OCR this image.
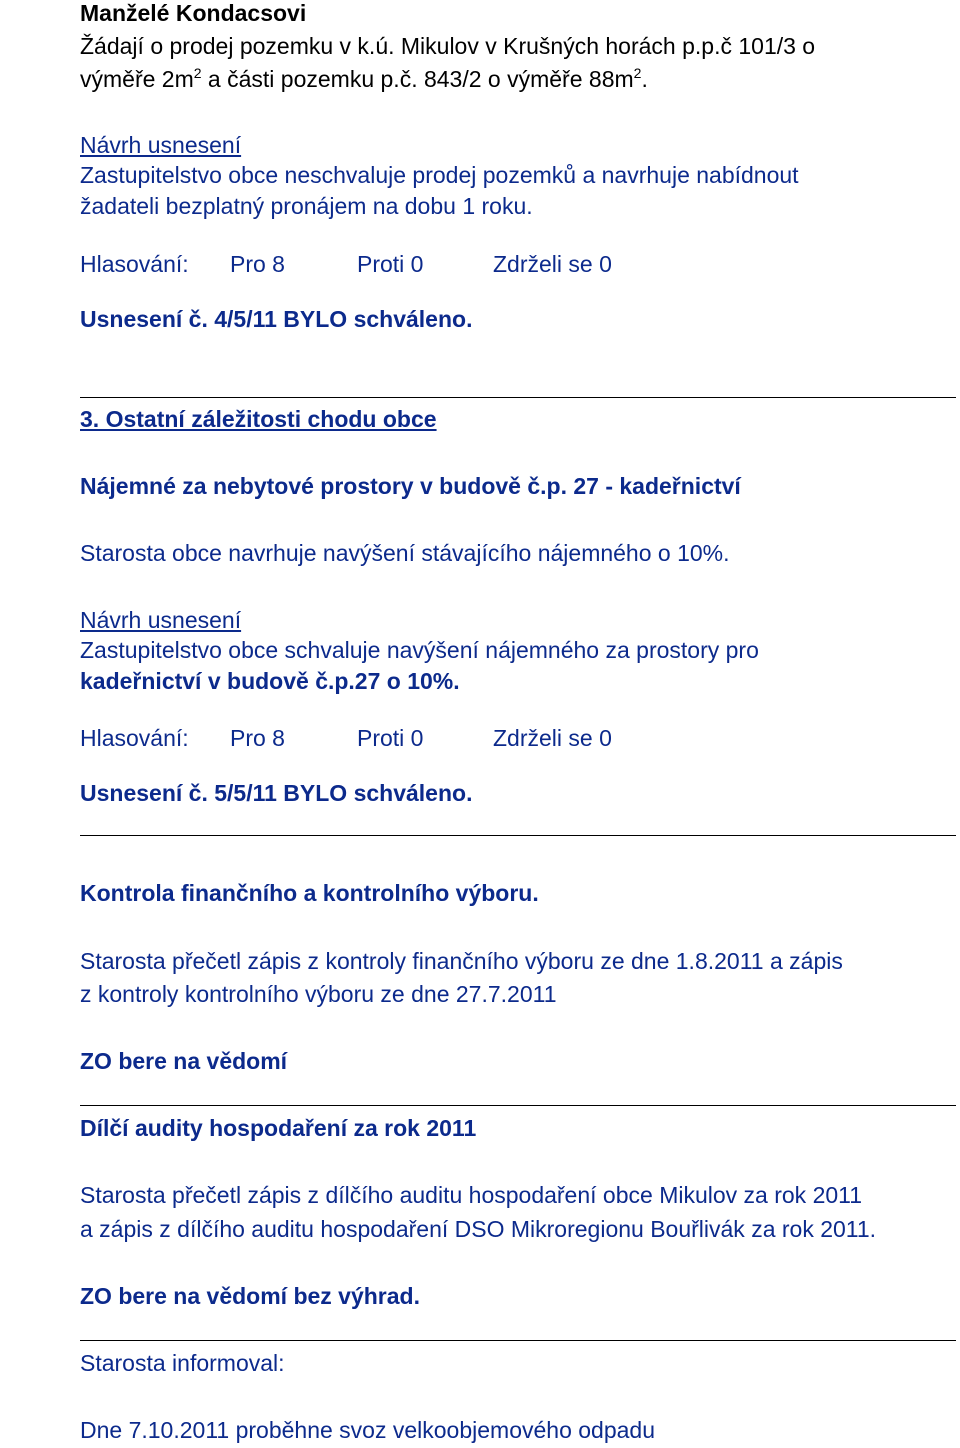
Manželé Kondacsovi
Žádají o prodej pozemku v k.ú. Mikulov v Krušných horách p.p.č 101/3 o
výměře $2m^2$ a části pozemku p.č. 843/2 o výměře $88m^2$.
Návrh usnesení
Zastupitelstvo obce neschvaluje prodej pozemků a navrhuje nabídnout
žadateli bezplatný pronájem na dobu 1 roku.
Hlasování: Pro 8	Proti 0	Zdrželi se 0
Usnesení č. 4/5/11 BYLO schváleno.
3. Ostatní záležitosti chodu obce
Nájemné za nebytové prostory v budově č.p. 27 - kadeřnictví
Starosta obce navrhuje navýšení stávajícího nájemného o 10%.
Návrh usnesení
Zastupitelstvo obce schvaluje navýšení nájemného za prostory pro
kadeřnictví v budově č.p.27 o 10%.
Hlasování: Pro 8	Proti 0	Zdrželi se 0
Usnesení č. 5/5/11 BYLO schváleno.
Kontrola finančního a kontrolního výboru.
Starosta přečetl zápis z kontroly finančního výboru ze dne 1.8.2011 a zápis
z kontroly kontrolního výboru ze dne 27.7.2011
ZO bere na vědomí
Dílčí audity hospodaření za rok 2011
Starosta přečetl zápis z dílčího auditu hospodaření obce Mikulov za rok 2011
a zápis z dílčího auditu hospodaření DSO Mikroregionu Bouřlivák za rok 2011.
ZO bere na vědomí bez výhrad.
Starosta informoval:
Dne 7.10.2011 proběhne svoz velkoobjemového odpadu
